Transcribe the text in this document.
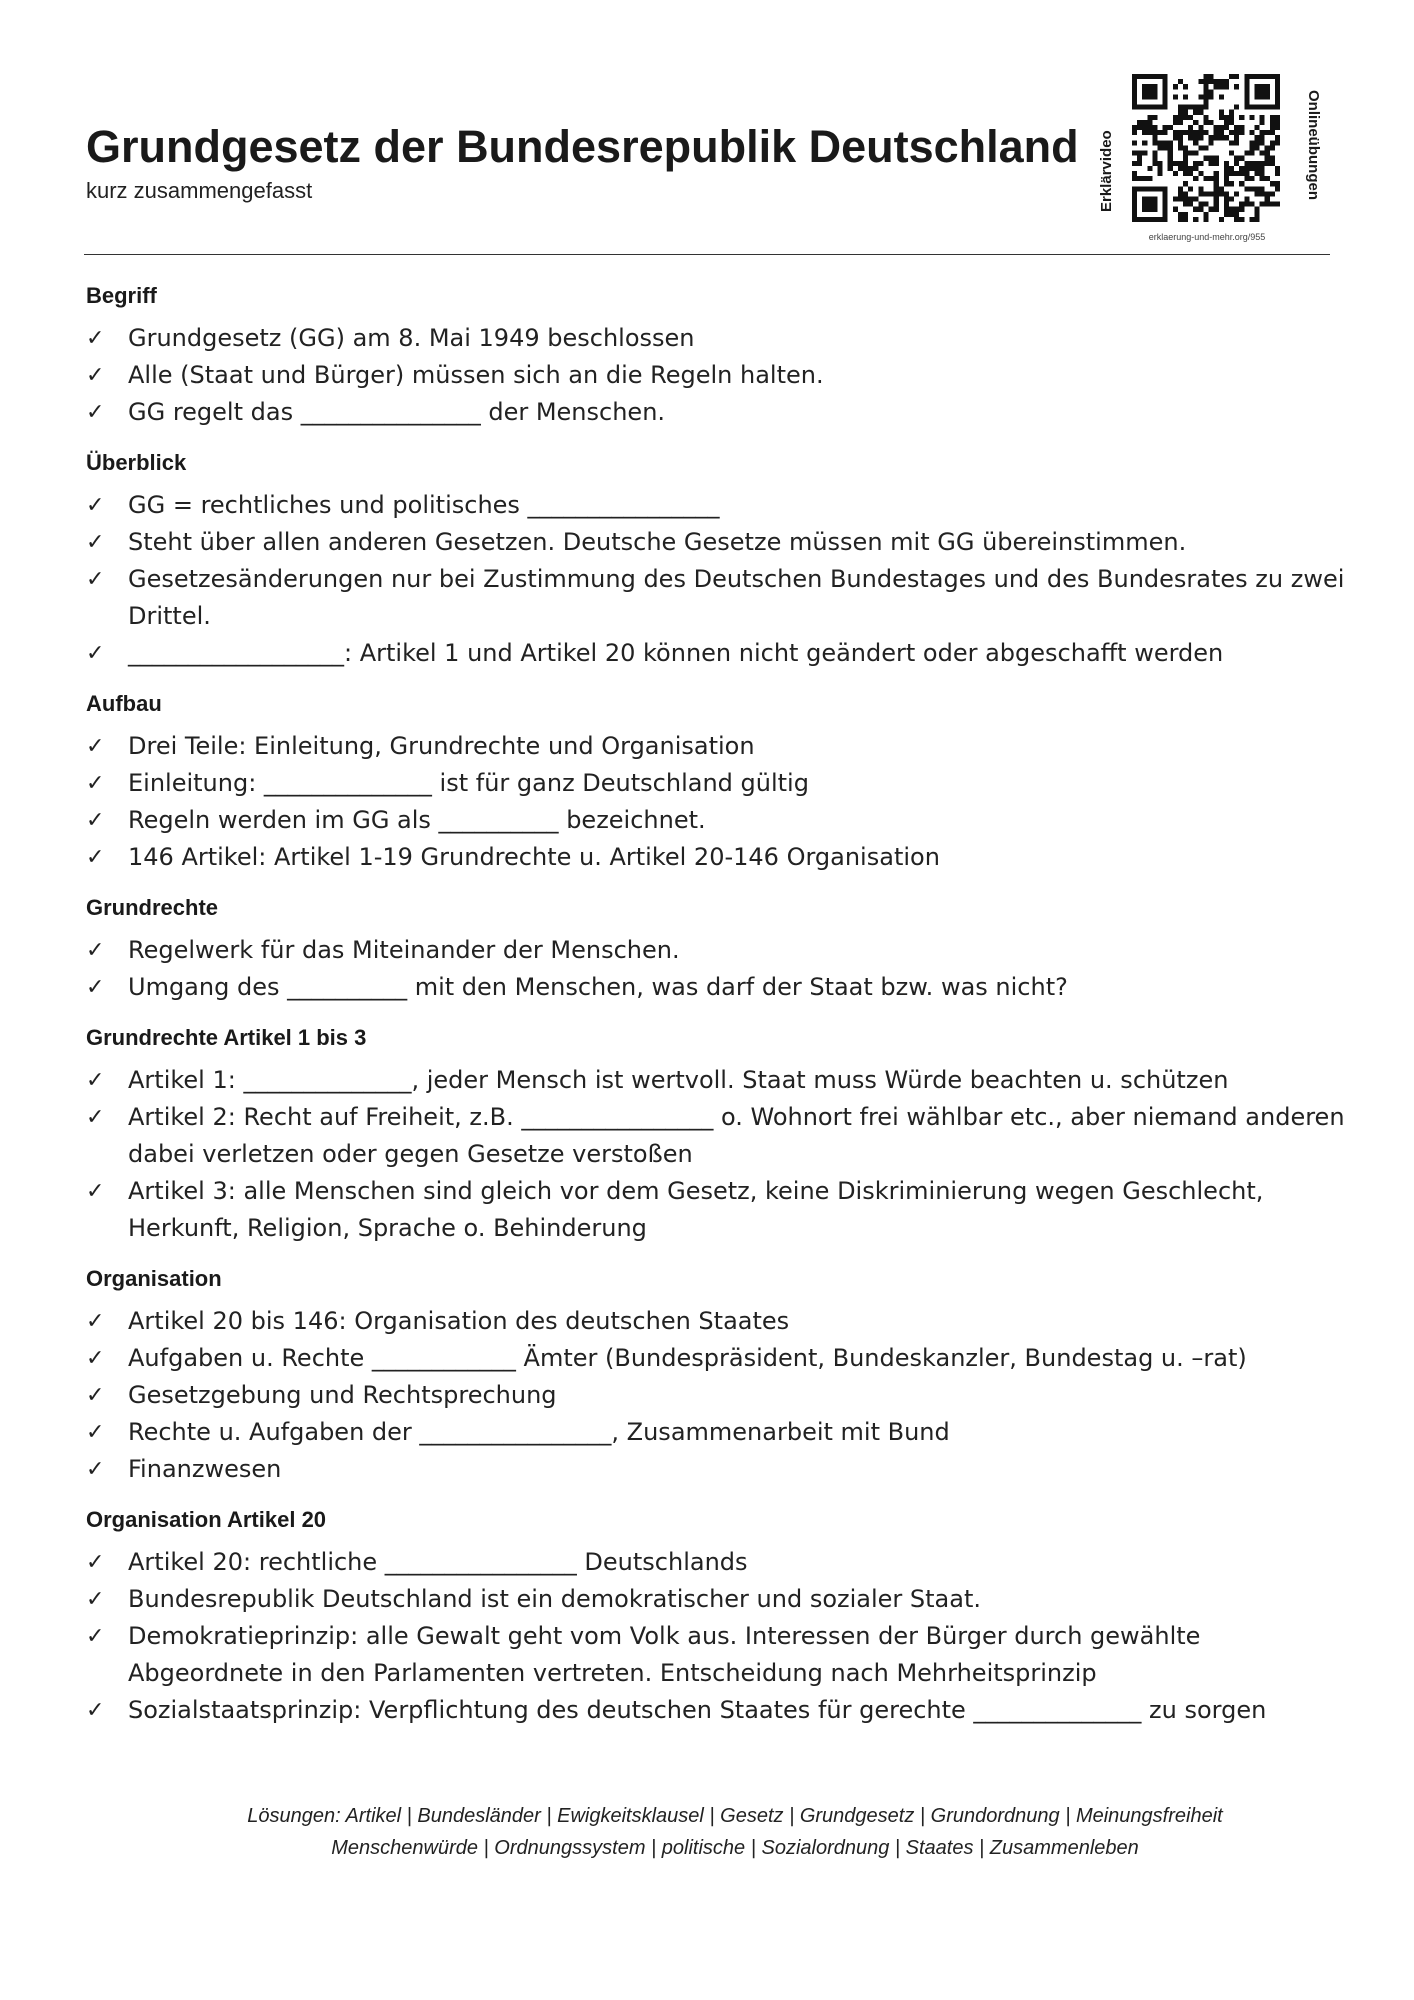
Grundgesetz der Bundesrepublik Deutschland
kurz zusammengefasst
erklaerung-und-mehr.org/955
Erklärvideo	Onlineübungen
Begriff
✓ Grundgesetz (GG) am 8. Mai 1949 beschlossen
✓ Alle (Staat und Bürger) müssen sich an die Regeln halten.
✓ GG regelt das _______________ der Menschen.
Überblick
✓ GG = rechtliches und politisches ________________
✓ Steht über allen anderen Gesetzen. Deutsche Gesetze müssen mit GG übereinstimmen.
✓ Gesetzesänderungen nur bei Zustimmung des Deutschen Bundestages und des Bundesrates zu zwei Drittel.
✓ __________________: Artikel 1 und Artikel 20 können nicht geändert oder abgeschafft werden
Aufbau
✓ Drei Teile: Einleitung, Grundrechte und Organisation
✓ Einleitung: ______________ ist für ganz Deutschland gültig
✓ Regeln werden im GG als __________ bezeichnet.
✓ 146 Artikel: Artikel 1-19 Grundrechte u. Artikel 20-146 Organisation
Grundrechte
✓ Regelwerk für das Miteinander der Menschen.
✓ Umgang des __________ mit den Menschen, was darf der Staat bzw. was nicht?
Grundrechte Artikel 1 bis 3
✓ Artikel 1: ______________, jeder Mensch ist wertvoll. Staat muss Würde beachten u. schützen
✓ Artikel 2: Recht auf Freiheit, z.B. ________________ o. Wohnort frei wählbar etc., aber niemand anderen dabei verletzen oder gegen Gesetze verstoßen
✓ Artikel 3: alle Menschen sind gleich vor dem Gesetz, keine Diskriminierung wegen Geschlecht, Herkunft, Religion, Sprache o. Behinderung
Organisation
✓ Artikel 20 bis 146: Organisation des deutschen Staates
✓ Aufgaben u. Rechte ____________ Ämter (Bundespräsident, Bundeskanzler, Bundestag u. –rat)
✓ Gesetzgebung und Rechtsprechung
✓ Rechte u. Aufgaben der ________________, Zusammenarbeit mit Bund
✓ Finanzwesen
Organisation Artikel 20
✓ Artikel 20: rechtliche ________________ Deutschlands
✓ Bundesrepublik Deutschland ist ein demokratischer und sozialer Staat.
✓ Demokratieprinzip: alle Gewalt geht vom Volk aus. Interessen der Bürger durch gewählte Abgeordnete in den Parlamenten vertreten. Entscheidung nach Mehrheitsprinzip
✓ Sozialstaatsprinzip: Verpflichtung des deutschen Staates für gerechte ______________ zu sorgen
Lösungen: Artikel | Bundesländer | Ewigkeitsklausel | Gesetz | Grundgesetz | Grundordnung | Meinungsfreiheit
Menschenwürde | Ordnungssystem | politische | Sozialordnung | Staates | Zusammenleben
